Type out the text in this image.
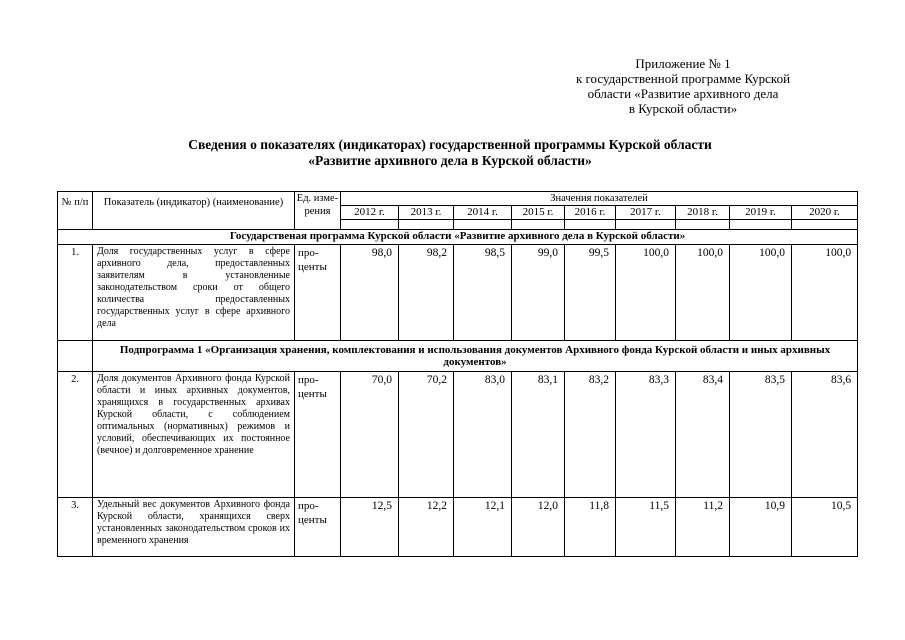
Приложение № 1
к государственной программе Курской
области «Развитие архивного дела
в Курской области»
Сведения о показателях (индикаторах) государственной программы Курской области
«Развитие архивного дела в Курской области»
№ п/п	Показатель (индикатор) (наименование)	Ед. изме- рения	Значения показателей								
			2012 г.	2013 г.	2014 г.	2015 г.	2016 г.	2017 г.	2018 г.	2019 г.	2020 г.

Государственая программа Курской области «Развитие архивного дела в Курской области»											
1.	Доля государственных услуг в сфере архивного дела, предоставленных заявителям в установленные законодательством сроки от общего количества предоставленных государственных услуг в сфере архивного дела	про- центы	98,0	98,2	98,5	99,0	99,5	100,0	100,0	100,0	100,0
	Подпрограмма 1 «Организация хранения, комплектования и использования документов Архивного фонда Курской области и иных архивных документов»										
2.	Доля документов Архивного фонда Курской области и иных архивных документов, хранящихся в государственных архивах Курской области, с соблюдением оптимальных (нормативных) режимов и условий, обеспечивающих их постоянное (вечное) и долговременное хранение	про- центы	70,0	70,2	83,0	83,1	83,2	83,3	83,4	83,5	83,6
3.	Удельный вес документов Архивного фонда Курской области, хранящихся сверх установленных законодательством сроков их временного хранения	про- центы	12,5	12,2	12,1	12,0	11,8	11,5	11,2	10,9	10,5
